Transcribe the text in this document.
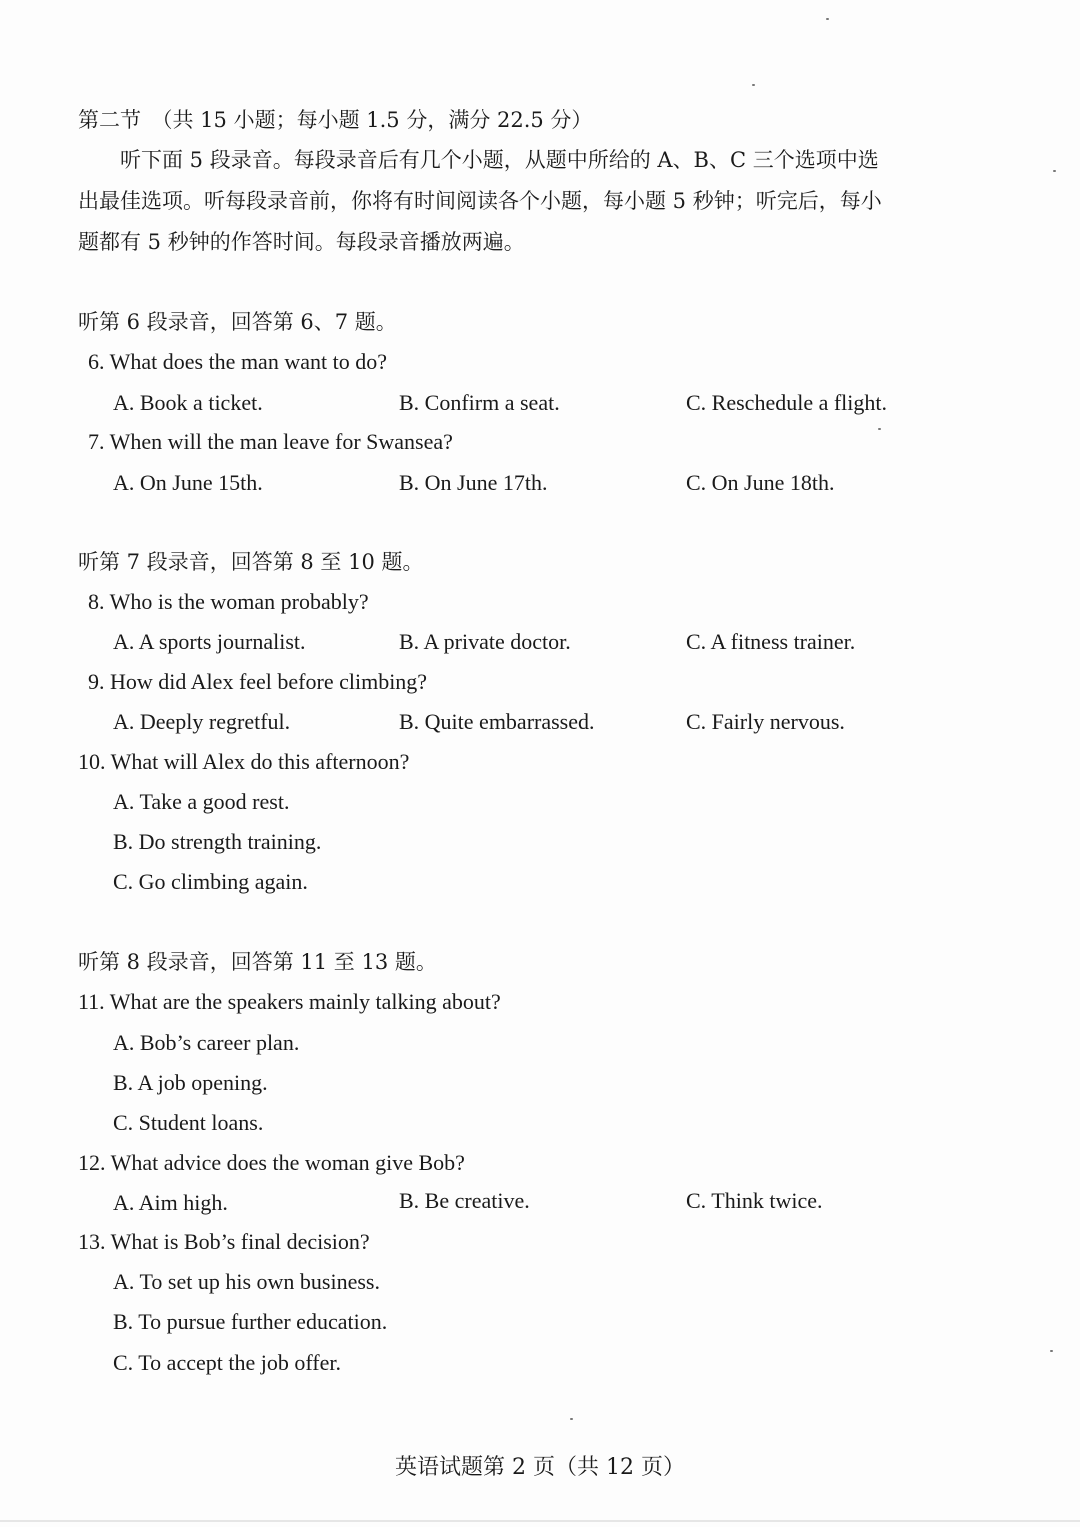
第二节　（共 15 小题；每小题 1.5 分，满分 22.5 分）
　　听下面 5 段录音。每段录音后有几个小题，从题中所给的 A、B、C 三个选项中选
出最佳选项。听每段录音前，你将有时间阅读各个小题，每小题 5 秒钟；听完后，每小
题都有 5 秒钟的作答时间。每段录音播放两遍。
听第 6 段录音，回答第 6、7 题。
6. What does the man want to do?
A. Book a ticket.	B. Confirm a seat.	C. Reschedule a flight.
7. When will the man leave for Swansea?
A. On June 15th.	B. On June 17th.	C. On June 18th.
听第 7 段录音，回答第 8 至 10 题。
8. Who is the woman probably?
A. A sports journalist.	B. A private doctor.	C. A fitness trainer.
9. How did Alex feel before climbing?
A. Deeply regretful.	B. Quite embarrassed.	C. Fairly nervous.
10. What will Alex do this afternoon?
A. Take a good rest.
B. Do strength training.
C. Go climbing again.
听第 8 段录音，回答第 11 至 13 题。
11. What are the speakers mainly talking about?
A. Bob’s career plan.
B. A job opening.
C. Student loans.
12. What advice does the woman give Bob?
A. Aim high.	B. Be creative.	C. Think twice.
13. What is Bob’s final decision?
A. To set up his own business.
B. To pursue further education.
C. To accept the job offer.
英语试题第 2 页（共 12 页）
